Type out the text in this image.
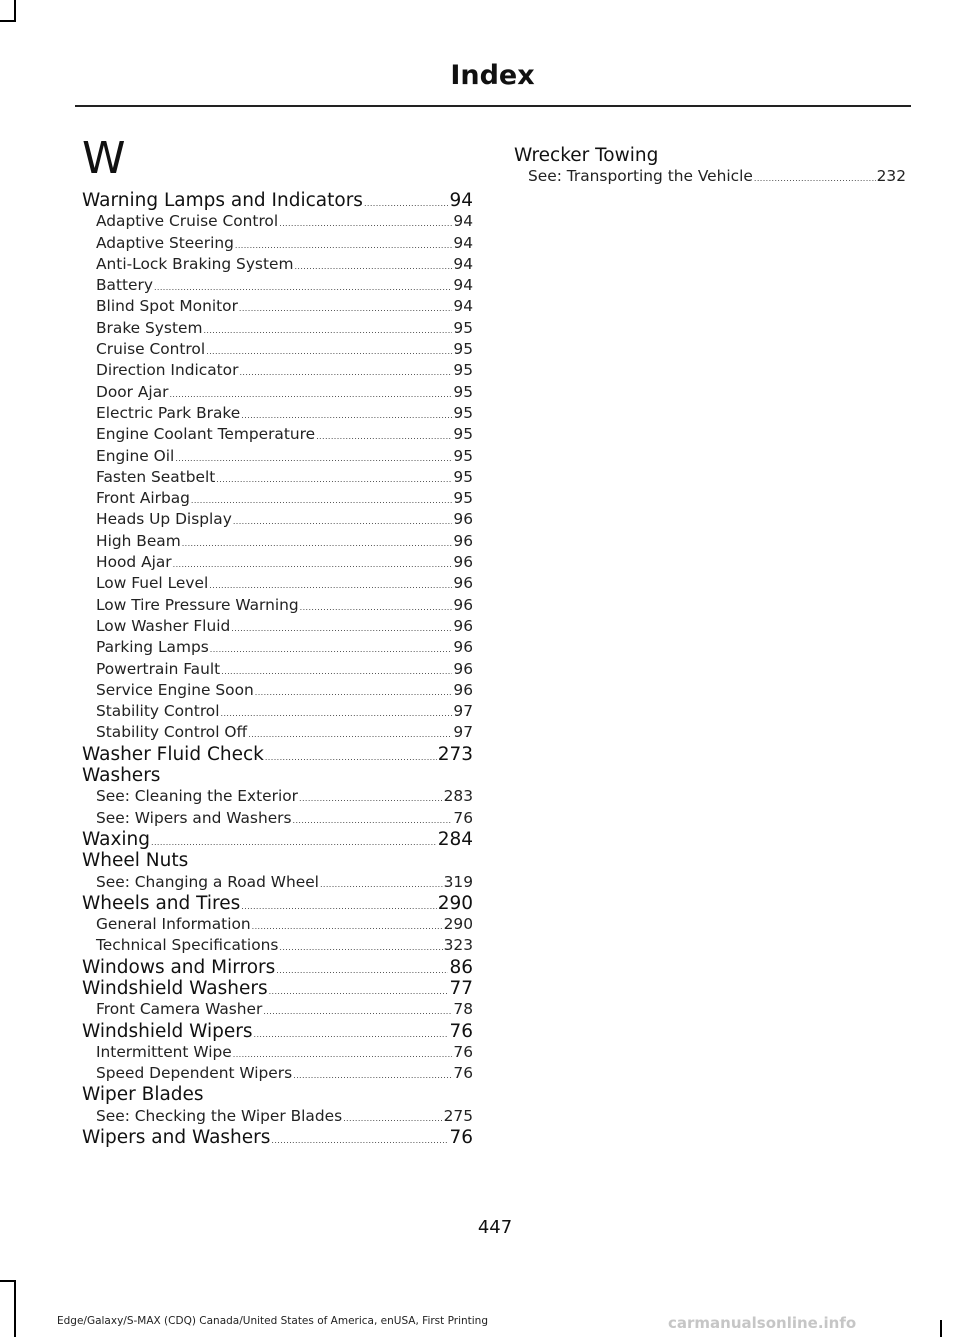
Index
W
Warning Lamps and Indicators .....	94
Adaptive Cruise Control .....	94
Adaptive Steering .....	94
Anti-Lock Braking System .....	94
Battery .....	94
Blind Spot Monitor .....	94
Brake System .....	95
Cruise Control .....	95
Direction Indicator .....	95
Door Ajar .....	95
Electric Park Brake .....	95
Engine Coolant Temperature .....	95
Engine Oil .....	95
Fasten Seatbelt .....	95
Front Airbag .....	95
Heads Up Display .....	96
High Beam .....	96
Hood Ajar .....	96
Low Fuel Level .....	96
Low Tire Pressure Warning .....	96
Low Washer Fluid .....	96
Parking Lamps .....	96
Powertrain Fault .....	96
Service Engine Soon .....	96
Stability Control .....	97
Stability Control Off .....	97
Washer Fluid Check .....	273
Washers
See: Cleaning the Exterior .....	283
See: Wipers and Washers .....	76
Waxing .....	284
Wheel Nuts
See: Changing a Road Wheel .....	319
Wheels and Tires .....	290
General Information .....	290
Technical Specifications .....	323
Windows and Mirrors .....	86
Windshield Washers .....	77
Front Camera Washer .....	78
Windshield Wipers .....	76
Intermittent Wipe .....	76
Speed Dependent Wipers .....	76
Wiper Blades
See: Checking the Wiper Blades .....	275
Wipers and Washers .....	76
Wrecker Towing
See: Transporting the Vehicle .....	232
447
Edge/Galaxy/S-MAX (CDQ) Canada/United States of America, enUSA, First Printing	carmanualsonline.info
